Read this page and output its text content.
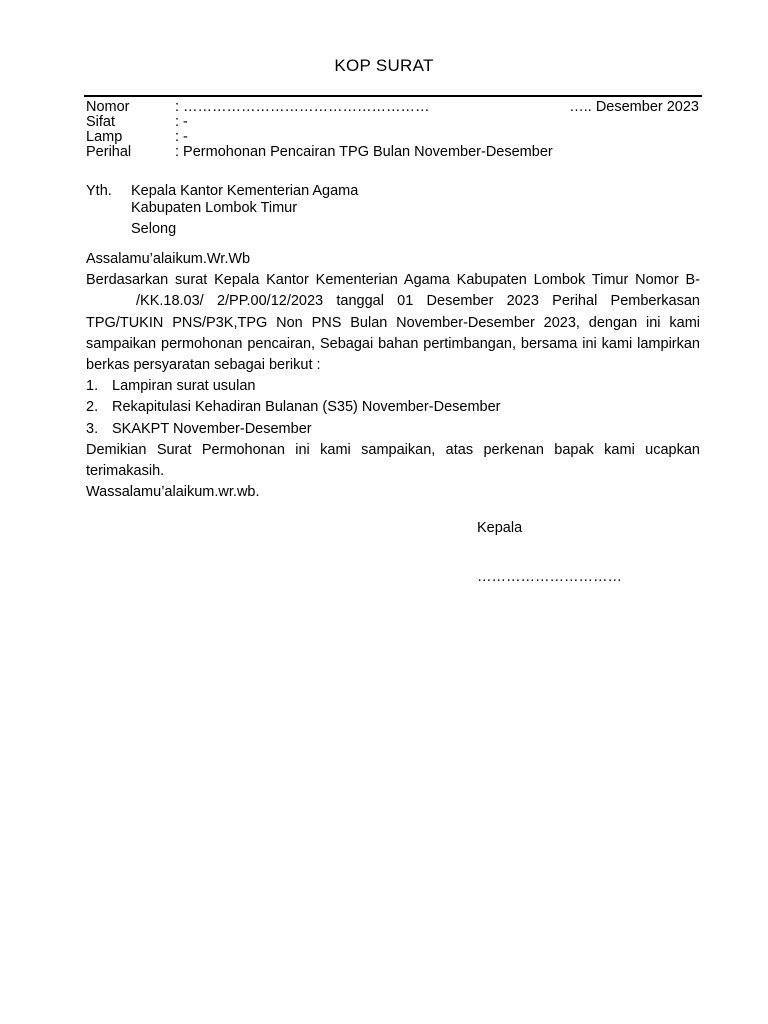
KOP SURAT
Nomor	: ……………………………………………	….. Desember 2023
Sifat	: -
Lamp	: -
Perihal	: Permohonan Pencairan TPG Bulan November-Desember
Yth. Kepala Kantor Kementerian Agama
Kabupaten Lombok Timur
Selong
Assalamu’alaikum.Wr.Wb
Berdasarkan surat Kepala Kantor Kementerian Agama Kabupaten Lombok Timur Nomor B-/KK.18.03/ 2/PP.00/12/2023 tanggal 01 Desember 2023 Perihal Pemberkasan TPG/TUKIN PNS/P3K,TPG Non PNS Bulan November-Desember 2023, dengan ini kami sampaikan permohonan pencairan, Sebagai bahan pertimbangan, bersama ini kami lampirkan berkas persyaratan sebagai berikut :
1. Lampiran surat usulan
2. Rekapitulasi Kehadiran Bulanan (S35) November-Desember
3. SKAKPT November-Desember
Demikian Surat Permohonan ini kami sampaikan, atas perkenan bapak kami ucapkan terimakasih.
Wassalamu’alaikum.wr.wb.
Kepala
…………………………
